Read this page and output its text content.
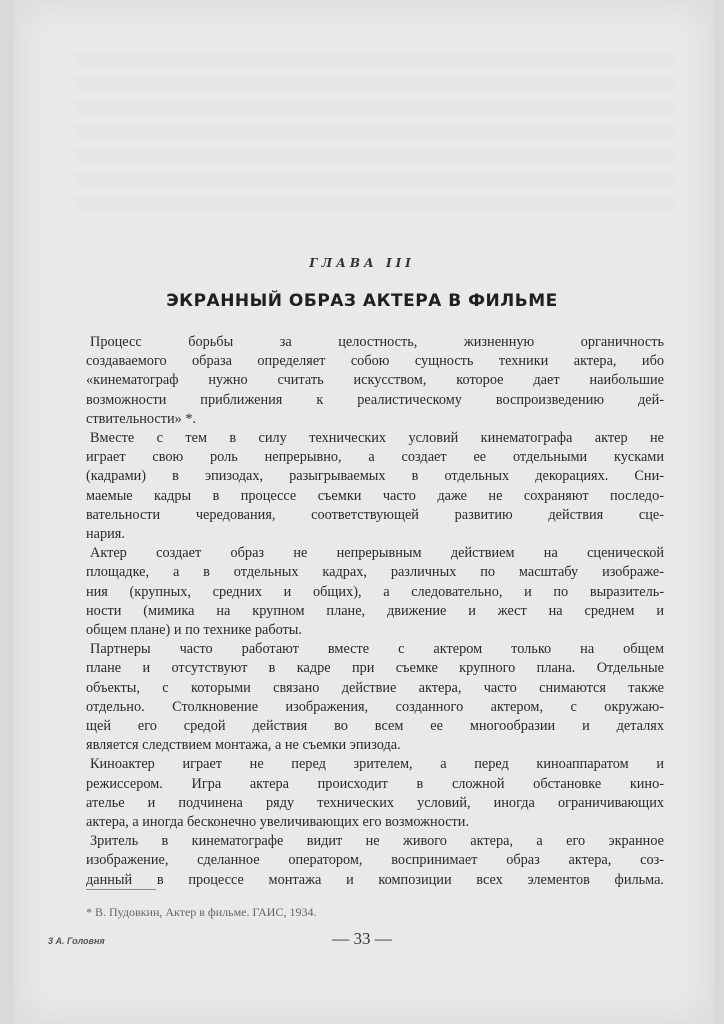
░░░░░░░░░░░░░░░░░░░░░░░░░░░░░░░░░░░░░░░░░░░░░░░░░░░░░░░░░░░░
░░░░░░░░░░░░░░░░░░░░░░░░░░░░░░░░░░░░░░░░░░░░░░░░░░░░░░░░░░░░
░░░░░░░░░░░░░░░░░░░░░░░░░░░░░░░░░░░░░░░░░░░░░░░░░░░░░░░░░░░░
░░░░░░░░░░░░░░░░░░░░░░░░░░░░░░░░░░░░░░░░░░░░░░░░░░░░░░░░░░░░
░░░░░░░░░░░░░░░░░░░░░░░░░░░░░░░░░░░░░░░░░░░░░░░░░░░░░░░░░░░░
░░░░░░░░░░░░░░░░░░░░░░░░░░░░░░░░░░░░░░░░░░░░░░░░░░░░░░░░░░░░
░░░░░░░░░░░░░░░░░░░░░░░░░░░░░░░░░░░░░░░░░░░░░░░░░░░░░░░░░░░░
ГЛАВА III
ЭКРАННЫЙ ОБРАЗ АКТЕРА В ФИЛЬМЕ
Процесс борьбы за целостность, жизненную органичность
создаваемого образа определяет собою сущность техники актера, ибо
«кинематограф нужно считать искусством, которое дает наибольшие
возможности приближения к реалистическому воспроизведению дей-
ствительности» *.
Вместе с тем в силу технических условий кинематографа актер не
играет свою роль непрерывно, а создает ее отдельными кусками
(кадрами) в эпизодах, разыгрываемых в отдельных декорациях. Сни-
маемые кадры в процессе съемки часто даже не сохраняют последо-
вательности чередования, соответствующей развитию действия сце-
нария.
Актер создает образ не непрерывным действием на сценической
площадке, а в отдельных кадрах, различных по масштабу изображе-
ния (крупных, средних и общих), а следовательно, и по выразитель-
ности (мимика на крупном плане, движение и жест на среднем и
общем плане) и по технике работы.
Партнеры часто работают вместе с актером только на общем
плане и отсутствуют в кадре при съемке крупного плана. Отдельные
объекты, с которыми связано действие актера, часто снимаются также
отдельно. Столкновение изображения, созданного актером, с окружаю-
щей его средой действия во всем ее многообразии и деталях
является следствием монтажа, а не съемки эпизода.
Киноактер играет не перед зрителем, а перед киноаппаратом и
режиссером. Игра актера происходит в сложной обстановке кино-
ателье и подчинена ряду технических условий, иногда ограничивающих
актера, а иногда бесконечно увеличивающих его возможности.
Зритель в кинематографе видит не живого актера, а его экранное
изображение, сделанное оператором, воспринимает образ актера, соз-
данный в процессе монтажа и композиции всех элементов фильма.
* В. Пудовкин, Актер в фильме. ГАИС, 1934.
3 А. Головня	— 33 —
